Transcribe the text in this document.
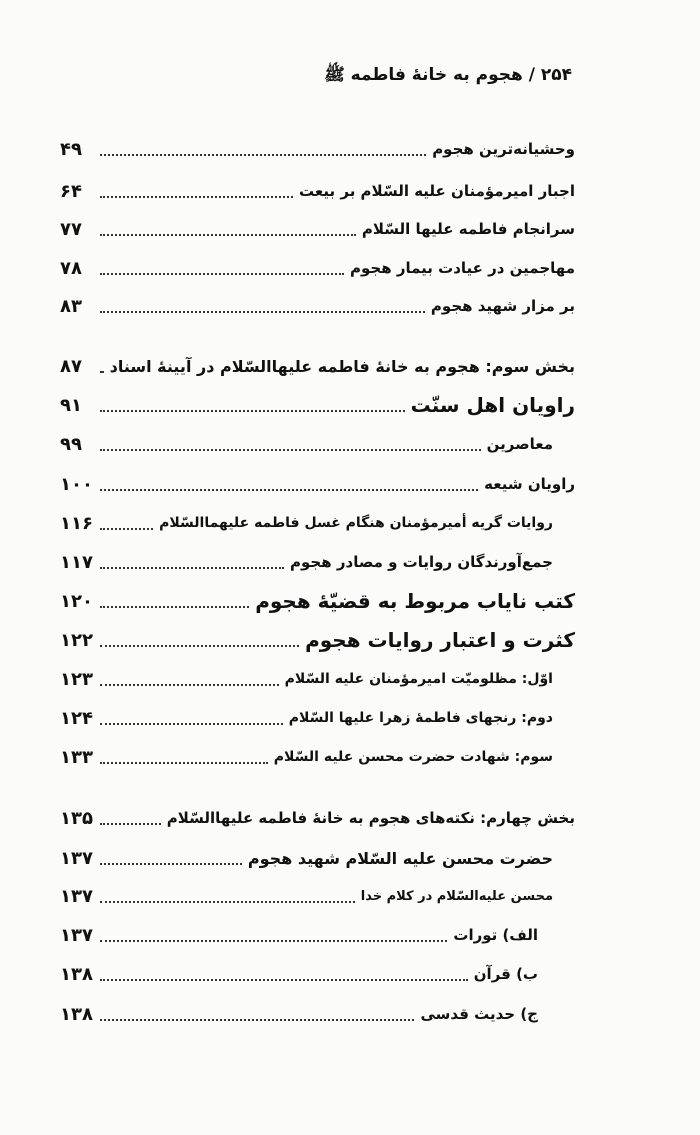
۲۵۴ / هجوم به خانهٔ فاطمه ﷺ
وحشیانه‌ترین هجوم
۴۹
اجبار امیرمؤمنان علیه السّلام بر بیعت
۶۴
سرانجام فاطمه علیها السّلام
۷۷
مهاجمین در عیادت بیمار هجوم
۷۸
بر مزار شهید هجوم
۸۳
بخش سوم: هجوم به خانهٔ فاطمه علیهاالسّلام در آیینهٔ اسناد
۸۷
راویان اهل سنّت
۹۱
معاصرین
۹۹
راویان شیعه
۱۰۰
روایات گریه أمیرمؤمنان هنگام غسل فاطمه علیهماالسّلام
۱۱۶
جمع‌آورندگان روایات و مصادر هجوم
۱۱۷
کتب نایاب مربوط به قضیّهٔ هجوم
۱۲۰
کثرت و اعتبار روایات هجوم
۱۲۲
اوّل: مظلومیّت امیرمؤمنان علیه السّلام
۱۲۳
دوم: رنجهای فاطمهٔ زهرا علیها السّلام
۱۲۴
سوم: شهادت حضرت محسن علیه السّلام
۱۳۳
بخش چهارم: نکته‌های هجوم به خانهٔ فاطمه علیهاالسّلام
۱۳۵
حضرت محسن علیه السّلام شهید هجوم
۱۳۷
محسن علیه‌السّلام در کلام خدا
۱۳۷
الف) تورات
۱۳۷
ب) قرآن
۱۳۸
ج) حدیث قدسی
۱۳۸
